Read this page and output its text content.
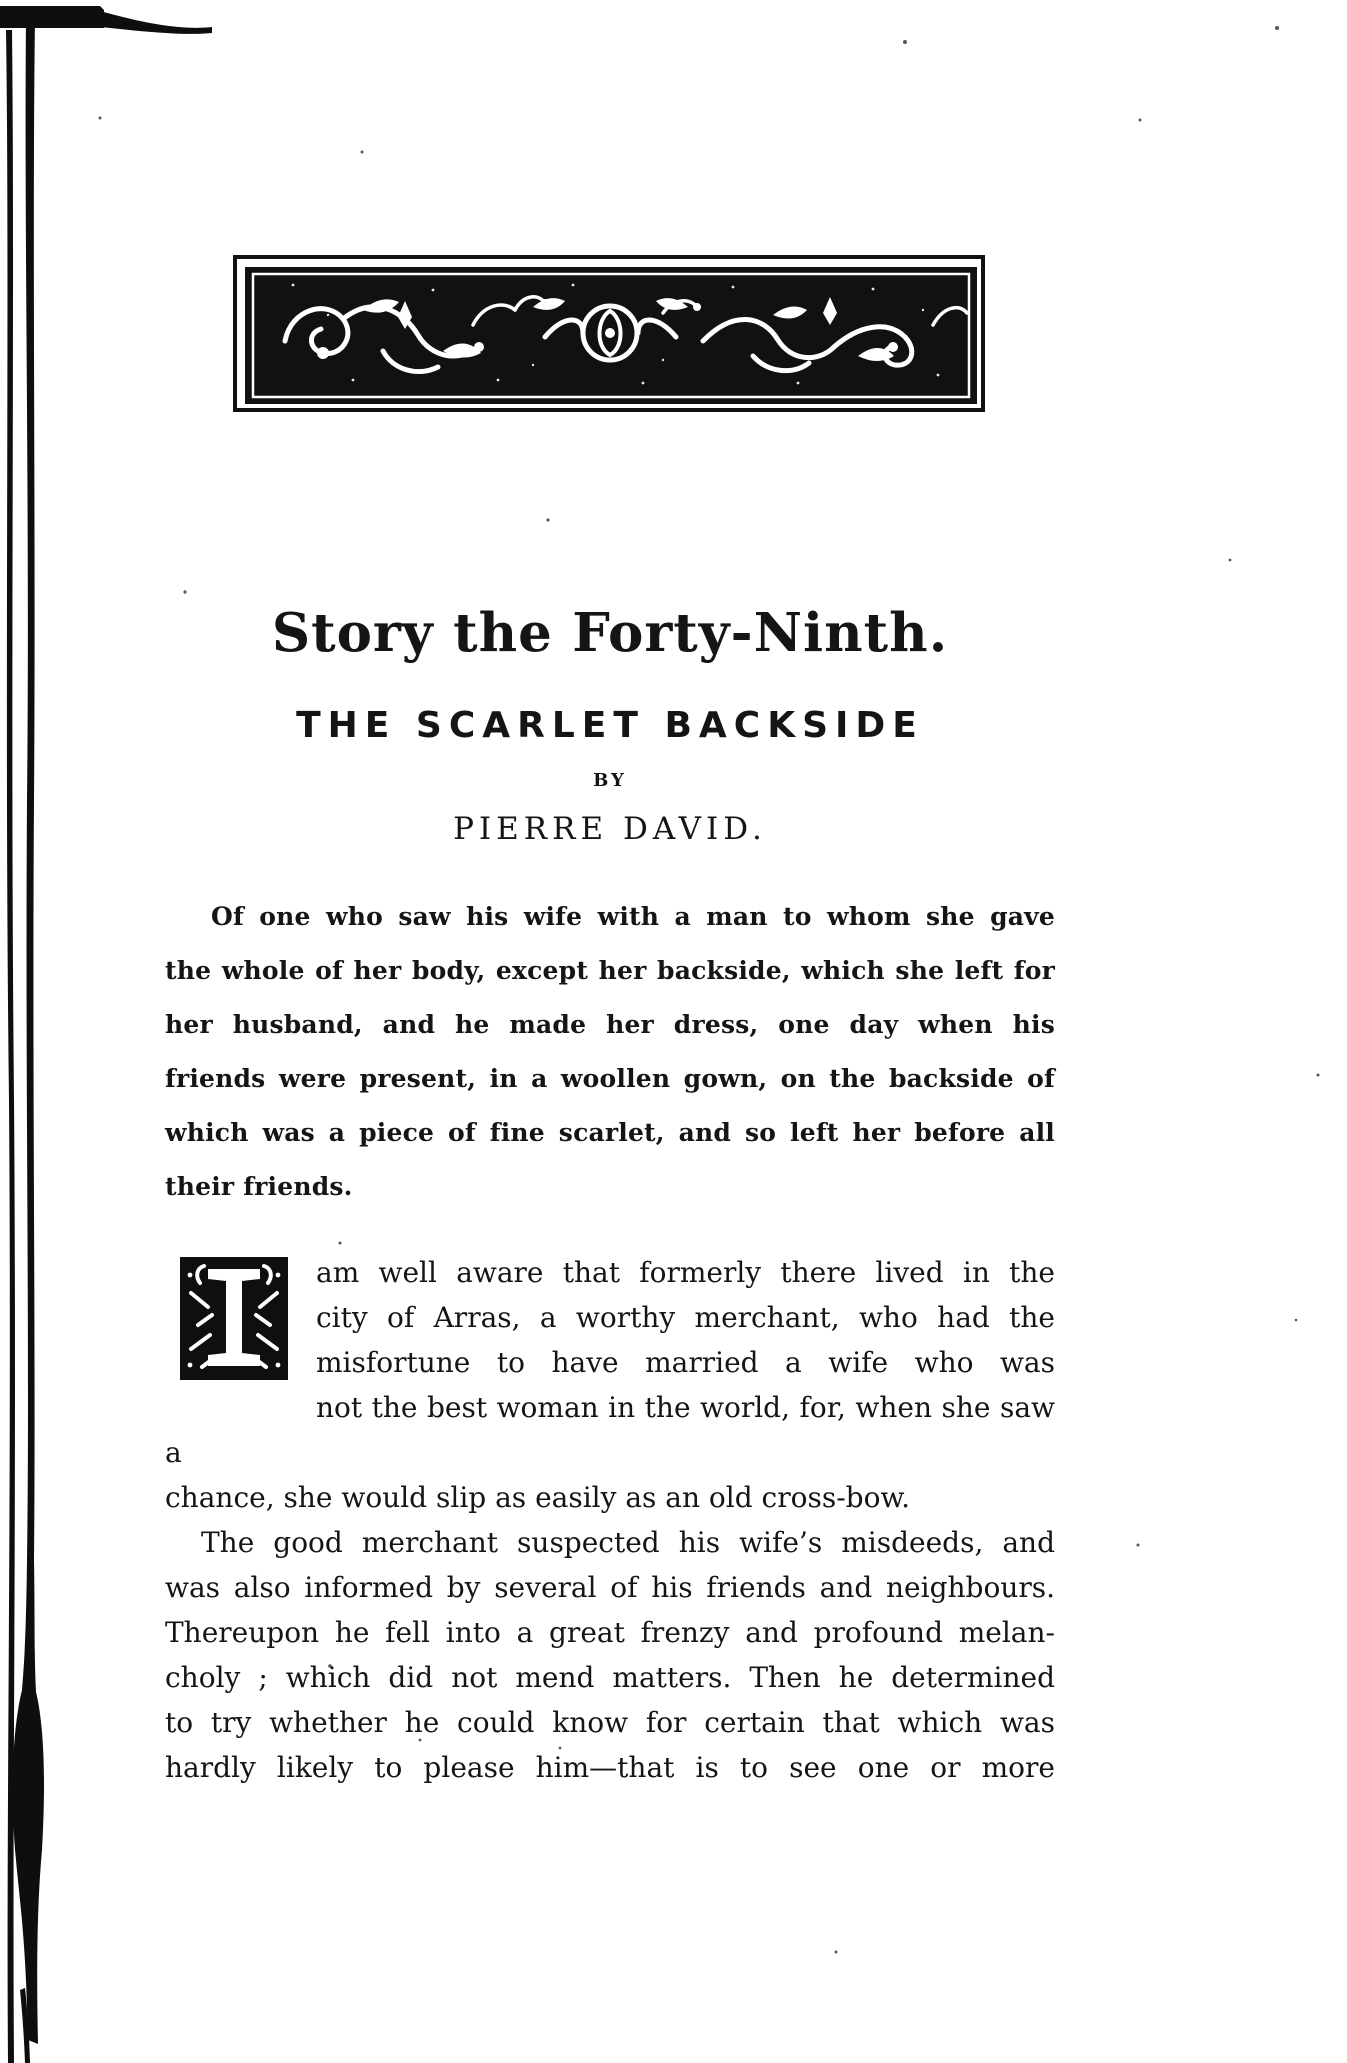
Story the Forty-Ninth.
THE SCARLET BACKSIDE
BY
PIERRE DAVID.
Of one who saw his wife with a man to whom she gave
the whole of her body, except her backside, which she left for
her husband, and he made her dress, one day when his
friends were present, in a woollen gown, on the backside of
which was a piece of fine scarlet, and so left her before all
their friends.
am well aware that formerly there lived in the
city of Arras, a worthy merchant, who had the
misfortune to have married a wife who was
not the best woman in the world, for, when she saw a
chance, she would slip as easily as an old cross-bow.
The good merchant suspected his wife’s misdeeds, and
was also informed by several of his friends and neighbours.
Thereupon he fell into a great frenzy and profound melan-
choly ; which did not mend matters. Then he determined
to try whether he could know for certain that which was
hardly likely to please him—that is to see one or more
